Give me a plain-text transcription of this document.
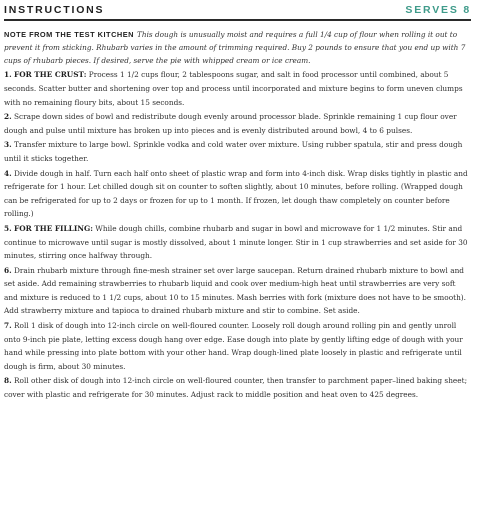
INSTRUCTIONS	SERVES 8

NOTE FROM THE TEST KITCHEN This dough is unusually moist and requires a full 1/4 cup of flour when rolling it out to prevent it from sticking. Rhubarb varies in the amount of trimming required. Buy 2 pounds to ensure that you end up with 7 cups of rhubarb pieces. If desired, serve the pie with whipped cream or ice cream.

1. FOR THE CRUST: Process 1 1/2 cups flour, 2 tablespoons sugar, and salt in food processor until combined, about 5 seconds. Scatter butter and shortening over top and process until incorporated and mixture begins to form uneven clumps with no remaining floury bits, about 15 seconds.

2. Scrape down sides of bowl and redistribute dough evenly around processor blade. Sprinkle remaining 1 cup flour over dough and pulse until mixture has broken up into pieces and is evenly distributed around bowl, 4 to 6 pulses.

3. Transfer mixture to large bowl. Sprinkle vodka and cold water over mixture. Using rubber spatula, stir and press dough until it sticks together.

4. Divide dough in half. Turn each half onto sheet of plastic wrap and form into 4-inch disk. Wrap disks tightly in plastic and refrigerate for 1 hour. Let chilled dough sit on counter to soften slightly, about 10 minutes, before rolling. (Wrapped dough can be refrigerated for up to 2 days or frozen for up to 1 month. If frozen, let dough thaw completely on counter before rolling.)

5. FOR THE FILLING: While dough chills, combine rhubarb and sugar in bowl and microwave for 1 1/2 minutes. Stir and continue to microwave until sugar is mostly dissolved, about 1 minute longer. Stir in 1 cup strawberries and set aside for 30 minutes, stirring once halfway through.

6. Drain rhubarb mixture through fine-mesh strainer set over large saucepan. Return drained rhubarb mixture to bowl and set aside. Add remaining strawberries to rhubarb liquid and cook over medium-high heat until strawberries are very soft and mixture is reduced to 1 1/2 cups, about 10 to 15 minutes. Mash berries with fork (mixture does not have to be smooth). Add strawberry mixture and tapioca to drained rhubarb mixture and stir to combine. Set aside.

7. Roll 1 disk of dough into 12-inch circle on well-floured counter. Loosely roll dough around rolling pin and gently unroll onto 9-inch pie plate, letting excess dough hang over edge. Ease dough into plate by gently lifting edge of dough with your hand while pressing into plate bottom with your other hand. Wrap dough-lined plate loosely in plastic and refrigerate until dough is firm, about 30 minutes.

8. Roll other disk of dough into 12-inch circle on well-floured counter, then transfer to parchment paper–lined baking sheet; cover with plastic and refrigerate for 30 minutes. Adjust rack to middle position and heat oven to 425 degrees.
